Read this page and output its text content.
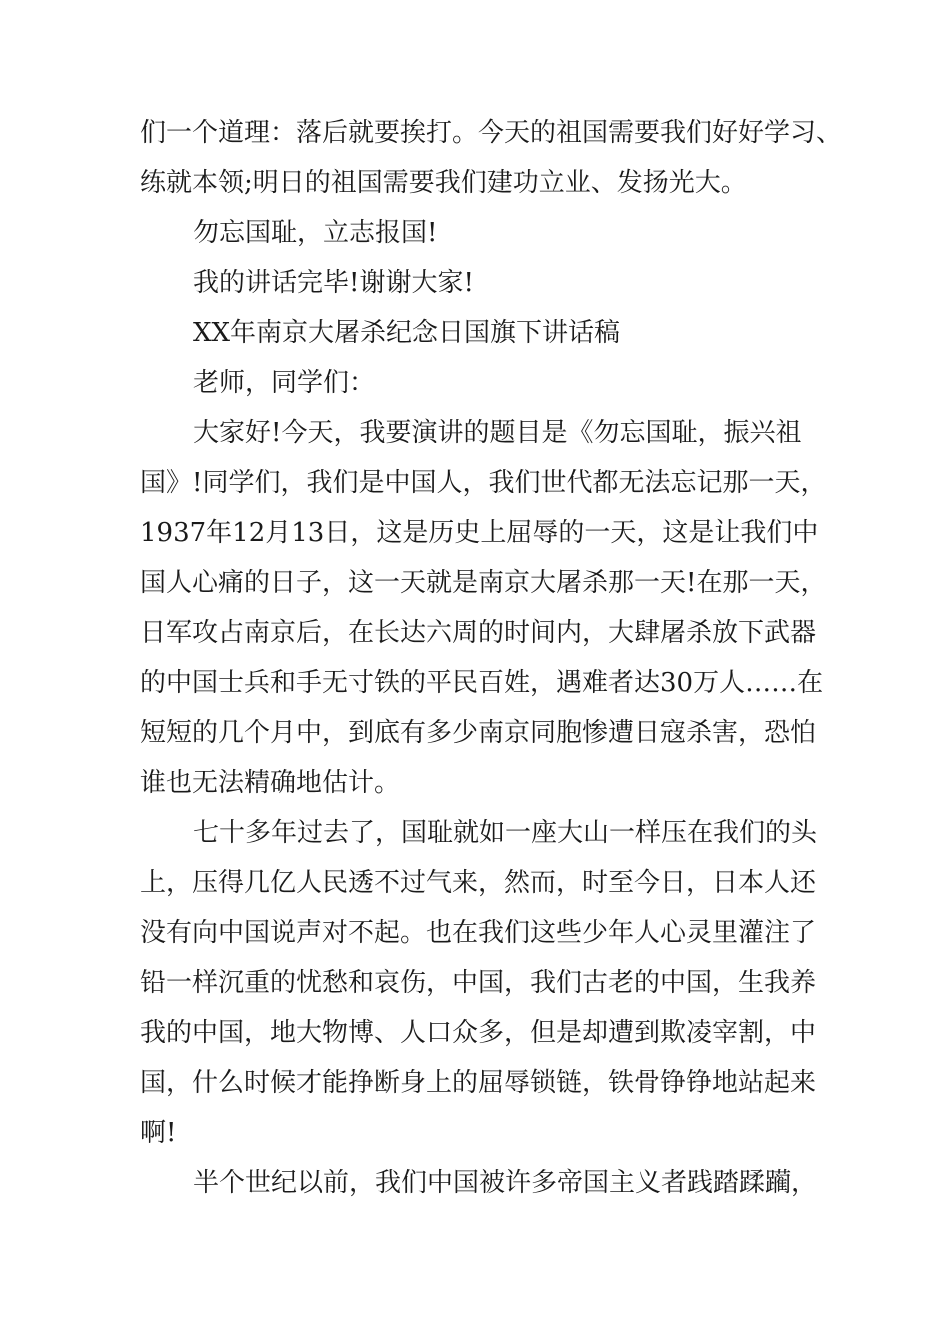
们一个道理：落后就要挨打。今天的祖国需要我们好好学习、
练就本领;明日的祖国需要我们建功立业、发扬光大。
勿忘国耻，立志报国!
我的讲话完毕!谢谢大家!
XX年南京大屠杀纪念日国旗下讲话稿
老师，同学们：
大家好!今天，我要演讲的题目是《勿忘国耻，振兴祖
国》!同学们，我们是中国人，我们世代都无法忘记那一天，
1937年12月13日，这是历史上屈辱的一天，这是让我们中
国人心痛的日子，这一天就是南京大屠杀那一天!在那一天，
日军攻占南京后，在长达六周的时间内，大肆屠杀放下武器
的中国士兵和手无寸铁的平民百姓，遇难者达30万人……在
短短的几个月中，到底有多少南京同胞惨遭日寇杀害，恐怕
谁也无法精确地估计。
七十多年过去了，国耻就如一座大山一样压在我们的头
上，压得几亿人民透不过气来，然而，时至今日，日本人还
没有向中国说声对不起。也在我们这些少年人心灵里灌注了
铅一样沉重的忧愁和哀伤，中国，我们古老的中国，生我养
我的中国，地大物博、人口众多，但是却遭到欺凌宰割，中
国，什么时候才能挣断身上的屈辱锁链，铁骨铮铮地站起来
啊!
半个世纪以前，我们中国被许多帝国主义者践踏蹂躏，
